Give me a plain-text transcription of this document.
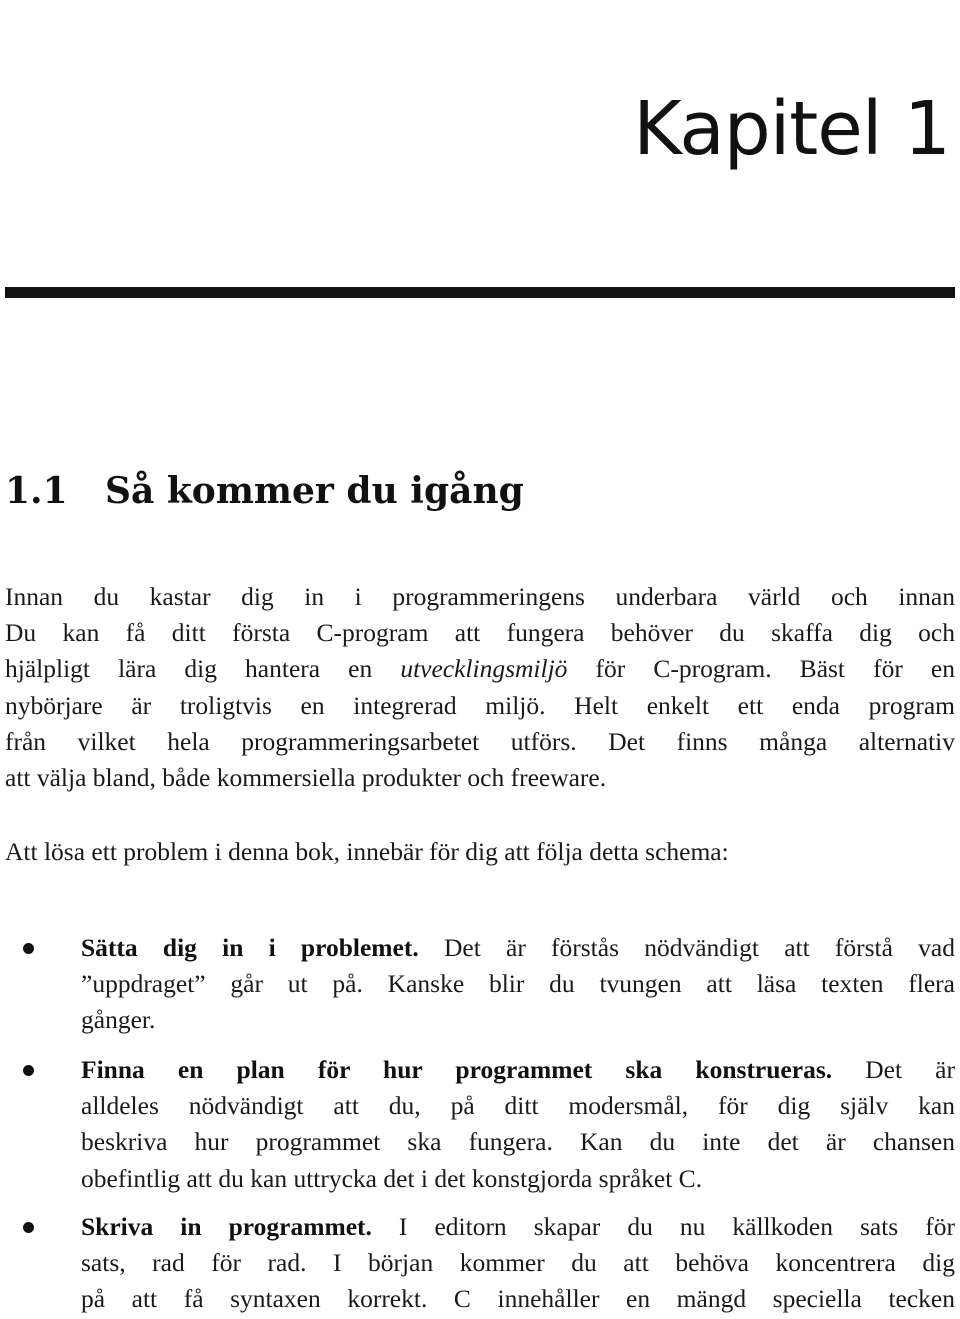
Kapitel 1
1.1 Så kommer du igång

Innan du kastar dig in i programmeringens underbara värld och innan
Du kan få ditt första C-program att fungera behöver du skaffa dig och
hjälpligt lära dig hantera en utvecklingsmiljö för C-program. Bäst för en
nybörjare är troligtvis en integrerad miljö. Helt enkelt ett enda program
från vilket hela programmeringsarbetet utförs. Det finns många alternativ
att välja bland, både kommersiella produkter och freeware.

Att lösa ett problem i denna bok, innebär för dig att följa detta schema:

Sätta dig in i problemet. Det är förstås nödvändigt att förstå vad
”uppdraget” går ut på. Kanske blir du tvungen att läsa texten flera
gånger.
Finna en plan för hur programmet ska konstrueras. Det är
alldeles nödvändigt att du, på ditt modersmål, för dig själv kan
beskriva hur programmet ska fungera. Kan du inte det är chansen
obefintlig att du kan uttrycka det i det konstgjorda språket C.
Skriva in programmet. I editorn skapar du nu källkoden sats för
sats, rad för rad. I början kommer du att behöva koncentrera dig
på att få syntaxen korrekt. C innehåller en mängd speciella tecken
